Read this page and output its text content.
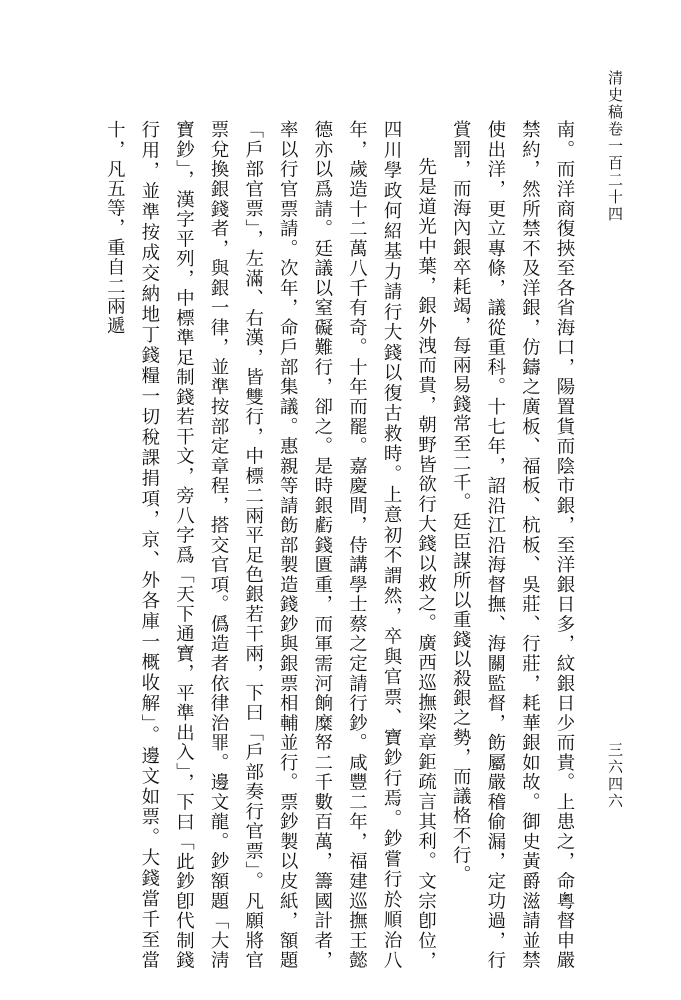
清史稿卷一百二十四
三六四六

南。而洋商復挾至各省海口，陽置貨而陰市銀，至洋銀日多，紋銀日少而貴。上患之，命粵督申嚴禁約，然所禁不及洋銀，仿鑄之廣板、福板、杭板、吳莊、行莊，耗華銀如故。御史黃爵滋請並禁使出洋，更立專條，議從重科。十七年，詔沿江沿海督撫、海關監督，飭屬嚴稽偷漏，定功過，行賞罰，而海內銀卒耗竭，每兩易錢常至二千。廷臣謀所以重錢以殺銀之勢，而議格不行。

先是道光中葉，銀外洩而貴，朝野皆欲行大錢以救之。廣西巡撫梁章鉅疏言其利。文宗卽位，四川學政何紹基力請行大錢以復古救時。上意初不謂然，卒與官票、寶鈔行焉。鈔嘗行於順治八年，歲造十二萬八千有奇。十年而罷。嘉慶間，侍講學士蔡之定請行鈔。咸豐二年，福建巡撫王懿德亦以爲請。廷議以窒礙難行，卻之。是時銀虧錢匱重，而軍需河餉糜帑二千數百萬，籌國計者，率以行官票請。次年，命戶部集議。惠親等請飭部製造錢鈔與銀票相輔並行。票鈔製以皮紙，額題「戶部官票」，左滿、右漢，皆雙行，中標二兩平足色銀若干兩，下曰「戶部奏行官票」。凡願將官票兌換銀錢者，與銀一律，並準按部定章程，搭交官項。僞造者依律治罪。邊文龍。鈔額題「大淸寶鈔」，漢字平列，中標準足制錢若干文，旁八字爲「天下通寶，平準出入」，下曰「此鈔卽代制錢行用，並準按成交納地丁錢糧一切稅課捐項，京、外各庫一概收解」。邊文如票。大錢當千至當十，凡五等，重自二兩遞
